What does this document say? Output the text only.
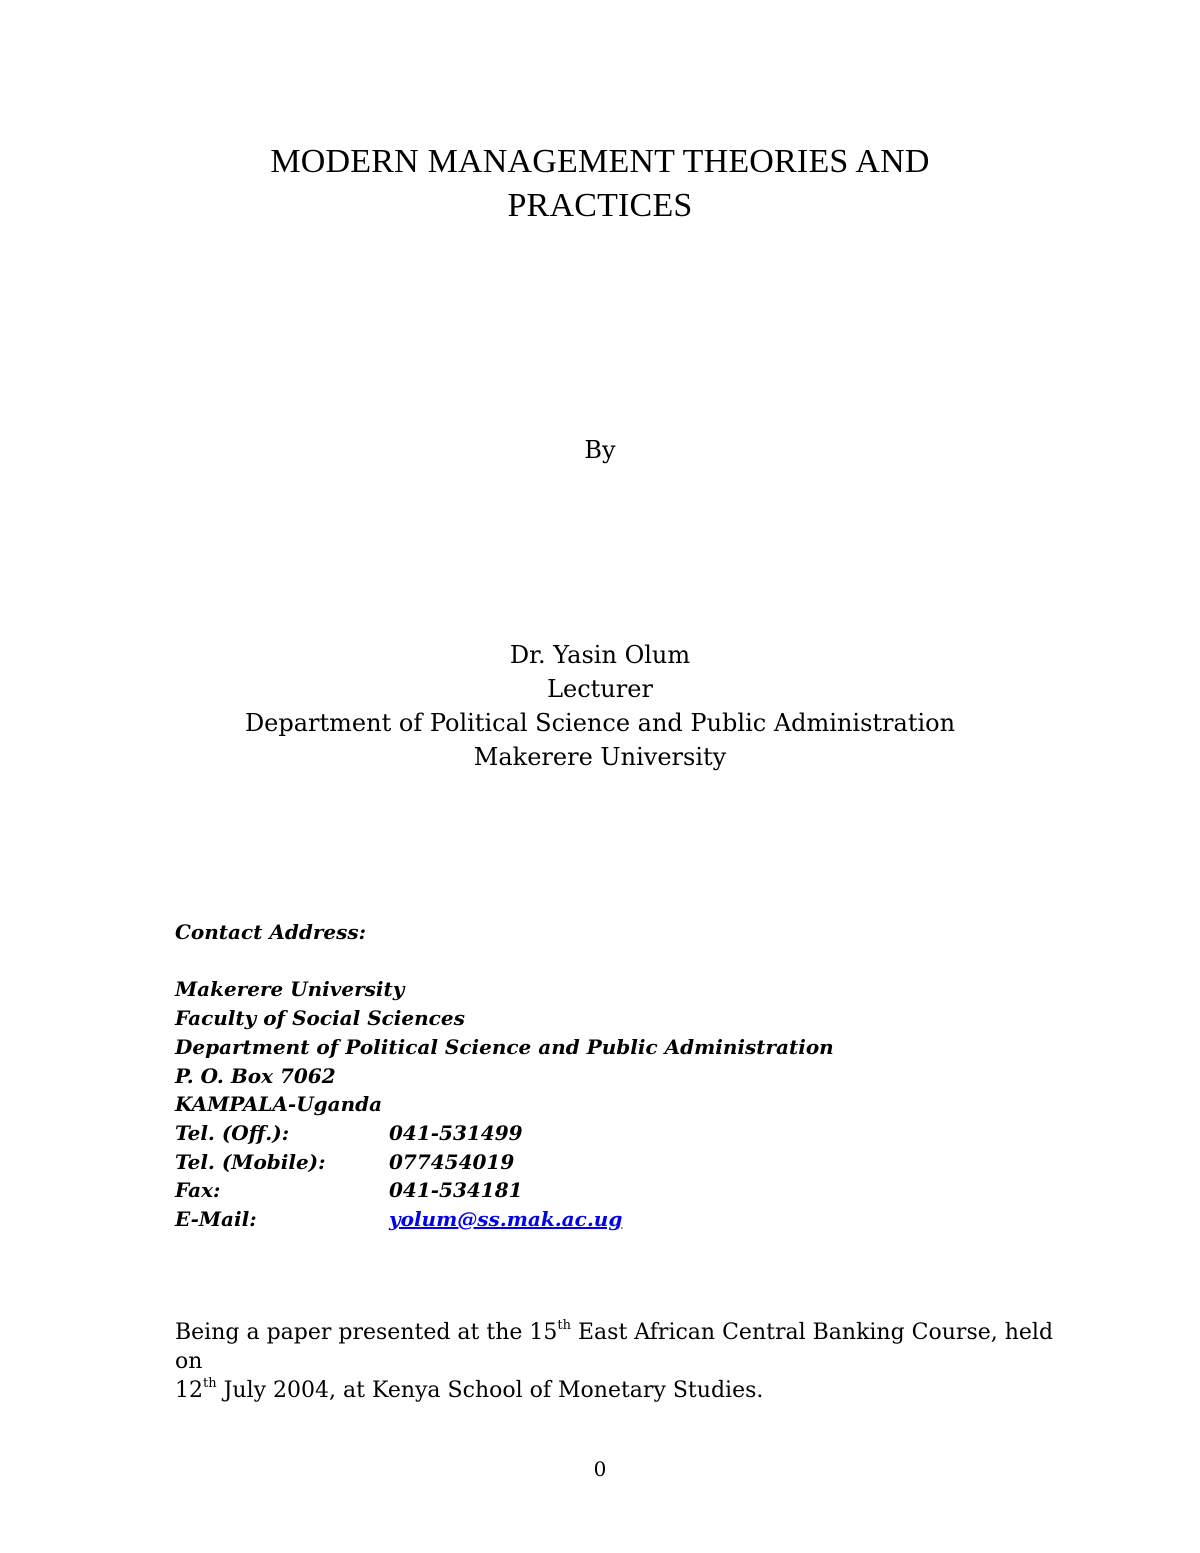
MODERN MANAGEMENT THEORIES AND
PRACTICES
By
Dr. Yasin Olum
Lecturer
Department of Political Science and Public Administration
Makerere University
Contact Address:
Makerere University
Faculty of Social Sciences
Department of Political Science and Public Administration
P. O. Box 7062
KAMPALA-Uganda
Tel. (Off.):	041-531499
Tel. (Mobile):	077454019
Fax:	041-534181
E-Mail:	yolum@ss.mak.ac.ug
Being a paper presented at the 15th East African Central Banking Course, held on
12th July 2004, at Kenya School of Monetary Studies.
0
